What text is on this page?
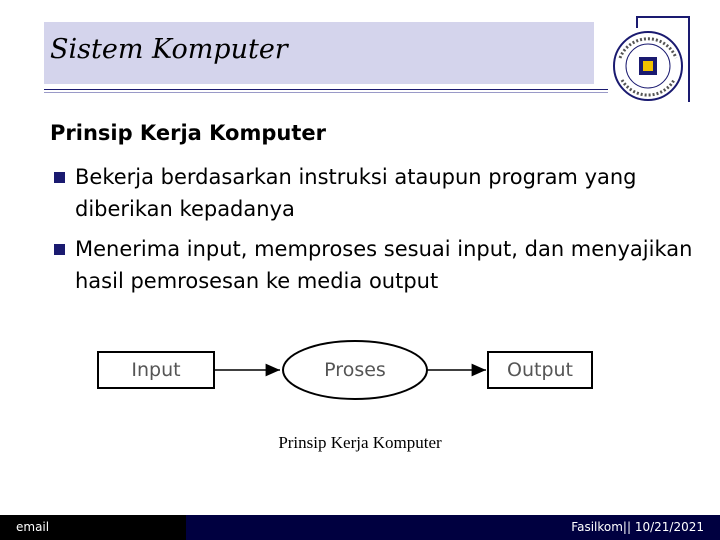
Sistem Komputer
Prinsip Kerja Komputer
Bekerja berdasarkan instruksi ataupun program yang diberikan kepadanya
Menerima input, memproses sesuai input, dan menyajikan hasil pemrosesan ke media output
Input	Proses	Output
Prinsip Kerja Komputer
email	Fasilkom|| 10/21/2021
